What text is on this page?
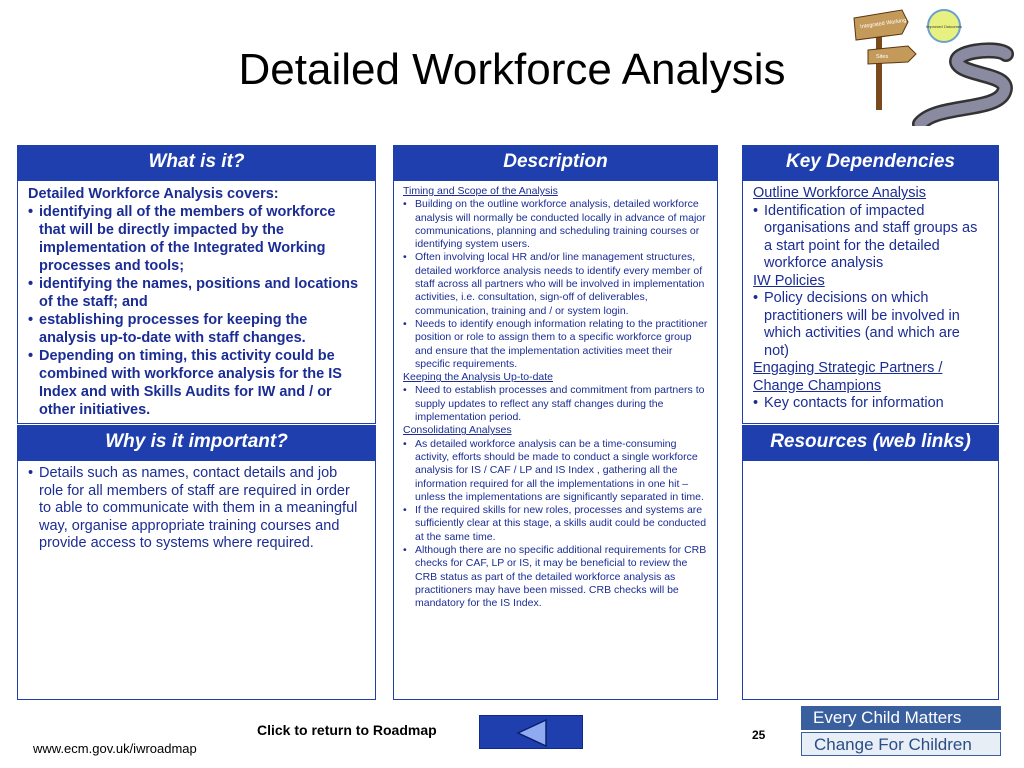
Detailed Workforce Analysis
Integrated Working
Sites
Improved Outcomes
What is it?
Detailed Workforce Analysis covers:
• identifying all of the members of workforce that will be directly impacted by the implementation of the Integrated Working processes and tools;
• identifying the names, positions and locations of the staff; and
• establishing processes for keeping the analysis up-to-date with staff changes.
• Depending on timing, this activity could be combined with workforce analysis for the IS Index and with Skills Audits for IW and / or other initiatives.
Why is it important?
• Details such as names, contact details and job role for all members of staff are required in order to able to communicate with them in a meaningful way, organise appropriate training courses and provide access to systems where required.
Description
Timing and Scope of the Analysis
• Building on the outline workforce analysis, detailed workforce analysis will normally be conducted locally in advance of major communications, planning and scheduling training courses or identifying system users.
• Often involving local HR and/or line management structures, detailed workforce analysis needs to identify every member of staff across all partners who will be involved in implementation activities, i.e. consultation, sign-off of deliverables, communication, training and / or system login.
• Needs to identify enough information relating to the practitioner position or role to assign them to a specific workforce group and ensure that the implementation activities meet their specific requirements.
Keeping the Analysis Up-to-date
• Need to establish processes and commitment from partners to supply updates to reflect any staff changes during the implementation period.
Consolidating Analyses
• As detailed workforce analysis can be a time-consuming activity, efforts should be made to conduct a single workforce analysis for IS / CAF / LP and IS Index , gathering all the information required for all the implementations in one hit – unless the implementations are significantly separated in time.
• If the required skills for new roles, processes and systems are sufficiently clear at this stage, a skills audit could be conducted at the same time.
• Although there are no specific additional requirements for CRB checks for CAF, LP or IS, it may be beneficial to review the CRB status as part of the detailed workforce analysis as practitioners may have been missed. CRB checks will be mandatory for the IS Index.
Key Dependencies
Outline Workforce Analysis
• Identification of impacted organisations and staff groups as a start point for the detailed workforce analysis
IW Policies
• Policy decisions on which practitioners will be involved in which activities (and which are not)
Engaging Strategic Partners / Change Champions
• Key contacts for information
Resources (web links)
Click to return to Roadmap	25
www.ecm.gov.uk/iwroadmap
Every Child Matters
Change For Children
